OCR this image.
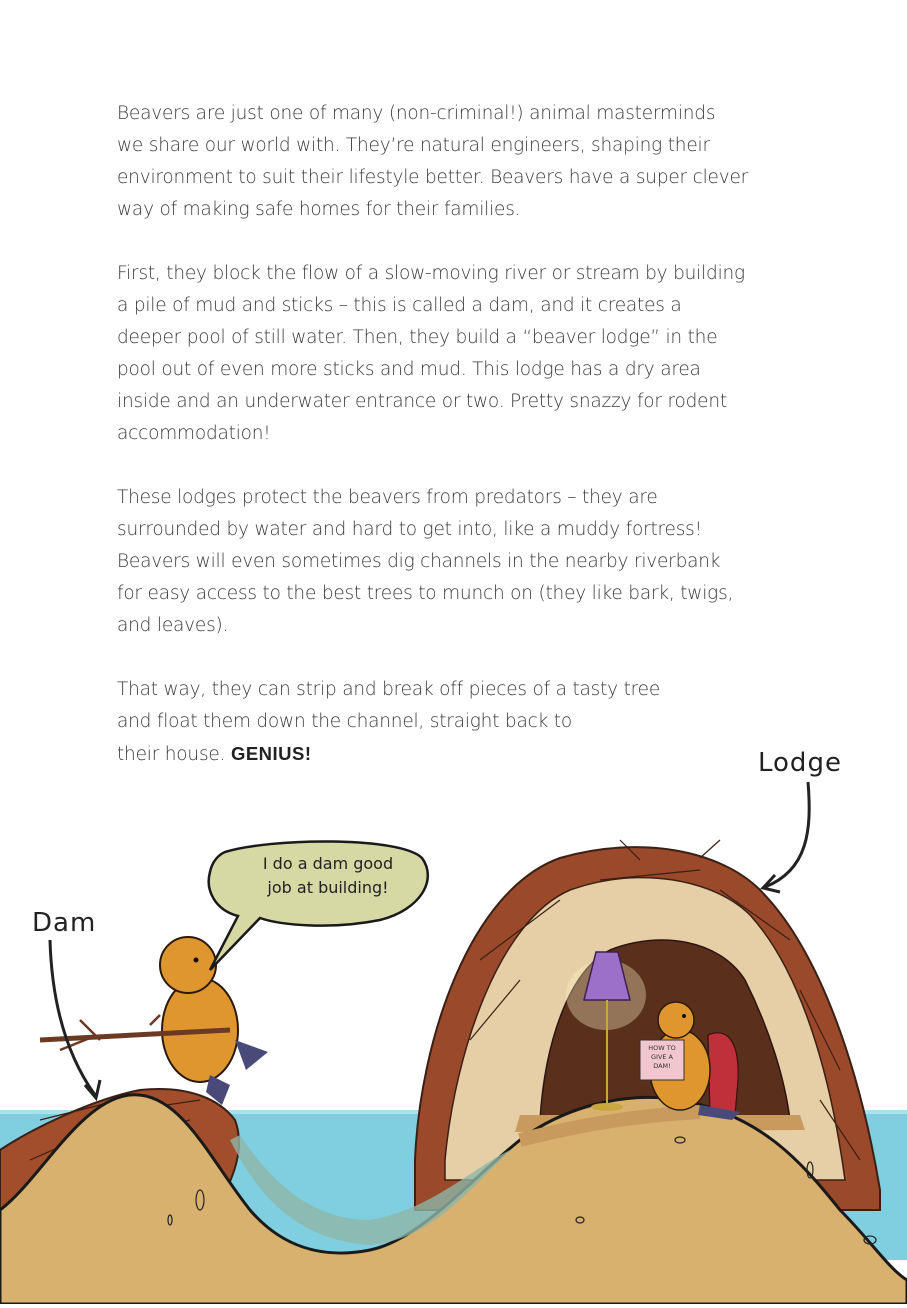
Beavers are just one of many (non-criminal!) animal masterminds
we share our world with. They’re natural engineers, shaping their
environment to suit their lifestyle better. Beavers have a super clever
way of making safe homes for their families.

First, they block the flow of a slow-moving river or stream by building
a pile of mud and sticks – this is called a dam, and it creates a
deeper pool of still water. Then, they build a “beaver lodge” in the
pool out of even more sticks and mud. This lodge has a dry area
inside and an underwater entrance or two. Pretty snazzy for rodent
accommodation!

These lodges protect the beavers from predators – they are
surrounded by water and hard to get into, like a muddy fortress!
Beavers will even sometimes dig channels in the nearby riverbank
for easy access to the best trees to munch on (they like bark, twigs,
and leaves).

That way, they can strip and break off pieces of a tasty tree
and float them down the channel, straight back to
their house. GENIUS!

Dam
Lodge
I do a dam good
job at building!
HOW TO
GIVE A
DAM!
